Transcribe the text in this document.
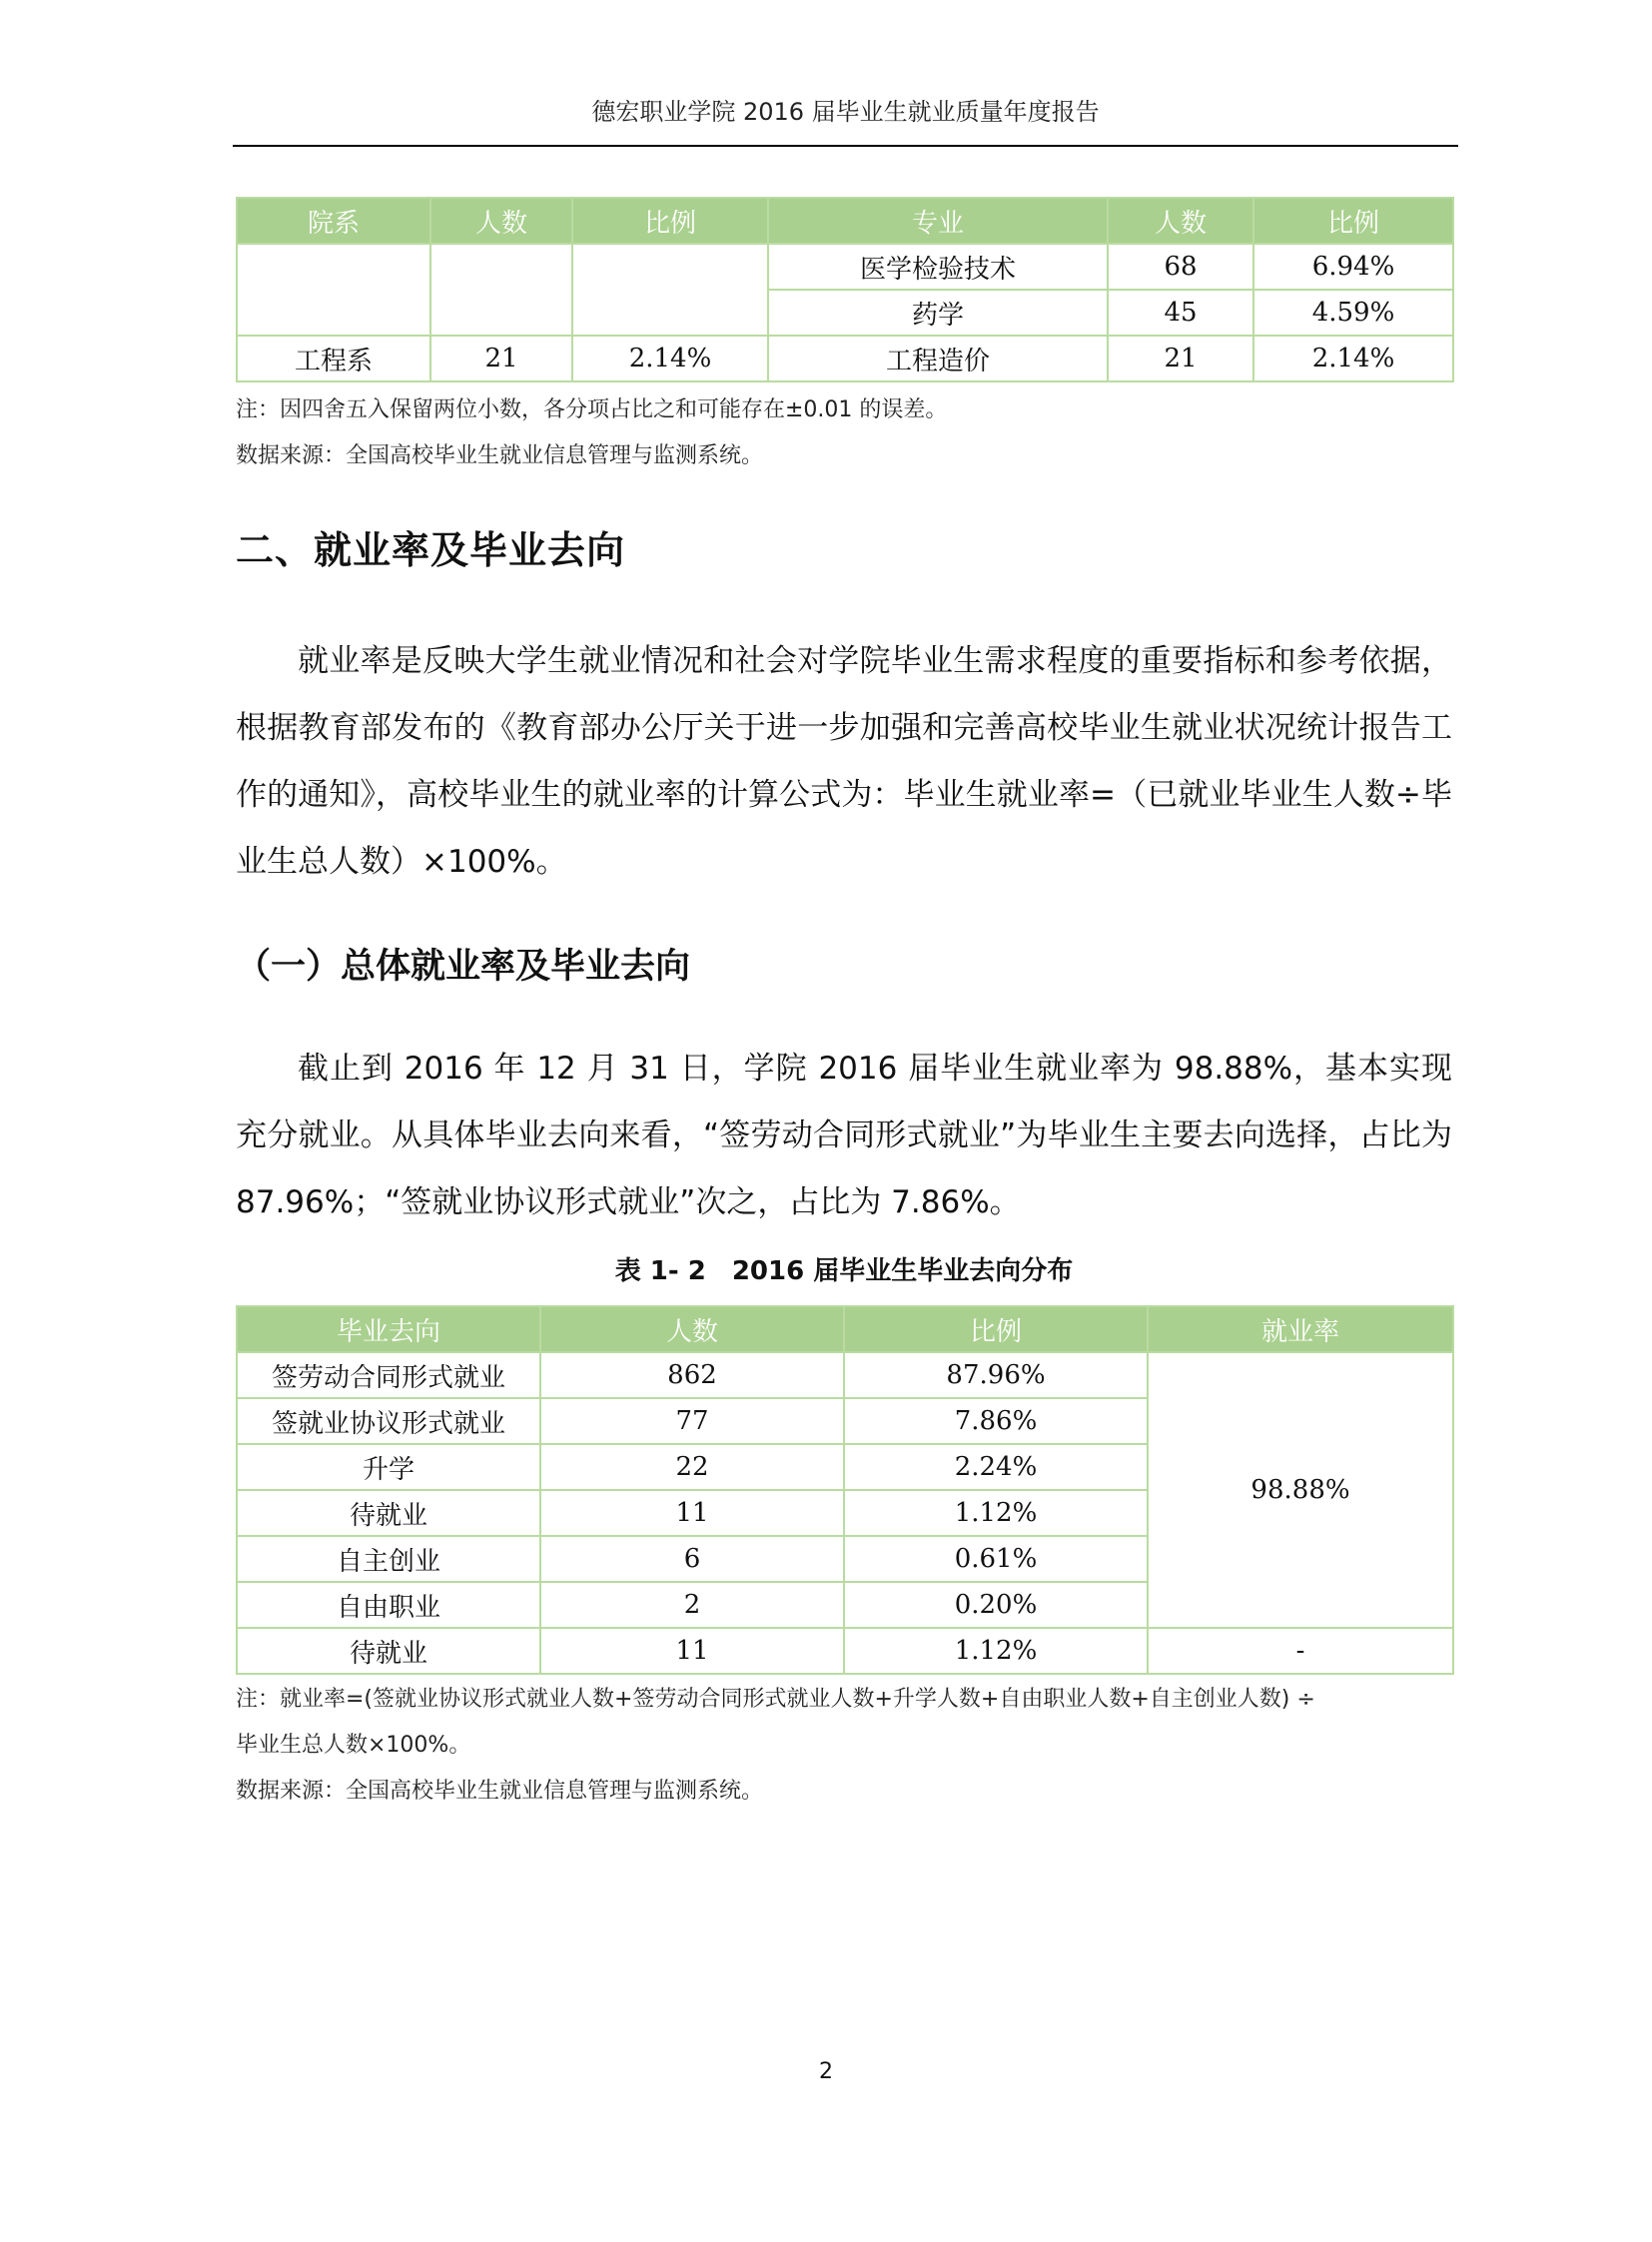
德宏职业学院 2016 届毕业生就业质量年度报告
院系	人数	比例	专业	人数	比例
			医学检验技术	68	6.94%
			药学	45	4.59%
工程系	21	2.14%	工程造价	21	2.14%
注：因四舍五入保留两位小数，各分项占比之和可能存在±0.01 的误差。
数据来源：全国高校毕业生就业信息管理与监测系统。
二、就业率及毕业去向

就业率是反映大学生就业情况和社会对学院毕业生需求程度的重要指标和参考依据，根据教育部发布的《教育部办公厅关于进一步加强和完善高校毕业生就业状况统计报告工作的通知》，高校毕业生的就业率的计算公式为：毕业生就业率=（已就业毕业生人数÷毕业生总人数）×100%。

（一）总体就业率及毕业去向

截止到 2016 年 12 月 31 日，学院 2016 届毕业生就业率为 98.88%，基本实现充分就业。从具体毕业去向来看，“签劳动合同形式就业”为毕业生主要去向选择，占比为 87.96%；“签就业协议形式就业”次之，占比为 7.86%。

表 1- 2　2016 届毕业生毕业去向分布
毕业去向	人数	比例	就业率
签劳动合同形式就业	862	87.96%	98.88%
签就业协议形式就业	77	7.86%	
升学	22	2.24%	
待就业	11	1.12%	
自主创业	6	0.61%	
自由职业	2	0.20%	
待就业	11	1.12%	-
注：就业率=(签就业协议形式就业人数+签劳动合同形式就业人数+升学人数+自由职业人数+自主创业人数) ÷
毕业生总人数×100%。
数据来源：全国高校毕业生就业信息管理与监测系统。
2
